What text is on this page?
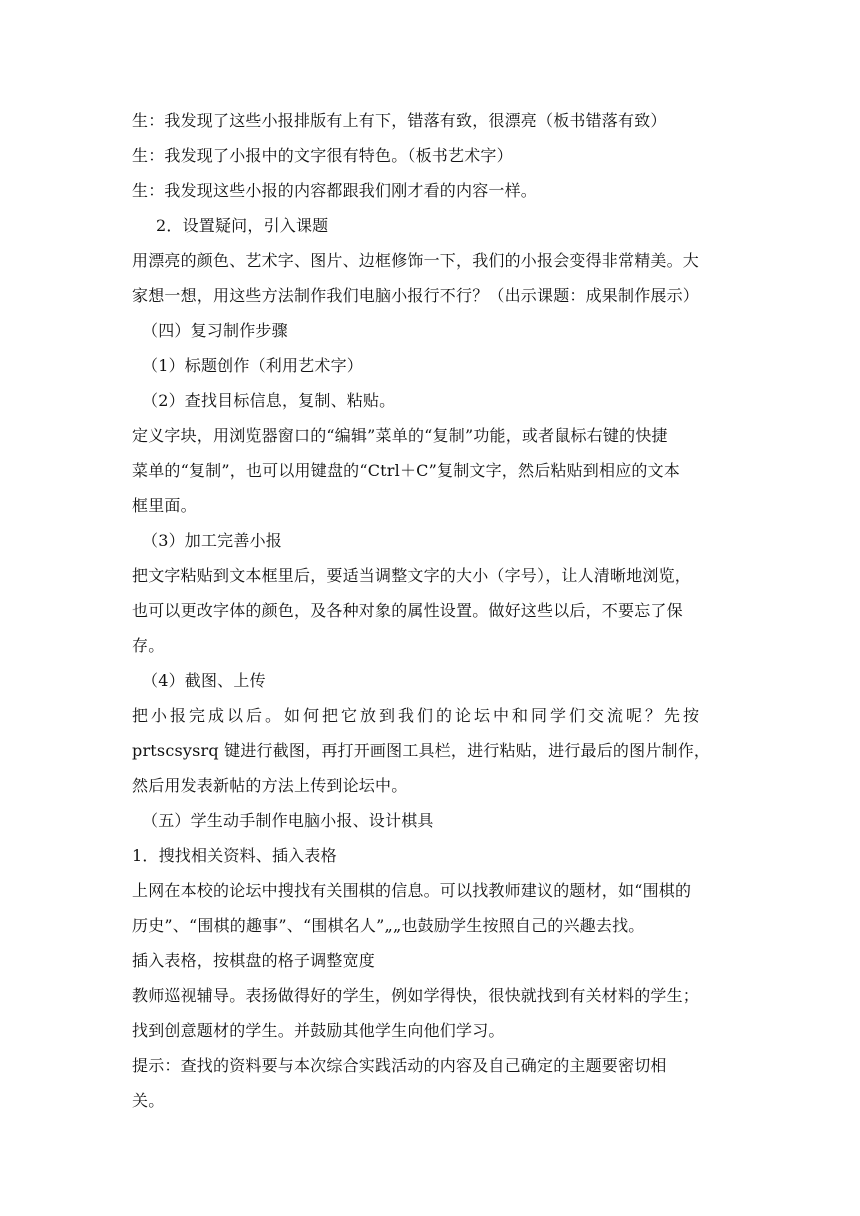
生：我发现了这些小报排版有上有下，错落有致，很漂亮（板书错落有致）
生：我发现了小报中的文字很有特色。（板书艺术字）
生：我发现这些小报的内容都跟我们刚才看的内容一样。
2．设置疑问，引入课题
用漂亮的颜色、艺术字、图片、边框修饰一下，我们的小报会变得非常精美。大
家想一想，用这些方法制作我们电脑小报行不行？（出示课题：成果制作展示）
（四）复习制作步骤
（1）标题创作（利用艺术字）
（2）查找目标信息，复制、粘贴。
定义字块，用浏览器窗口的“编辑”菜单的“复制”功能，或者鼠标右键的快捷
菜单的“复制”，也可以用键盘的“Ctrl＋C”复制文字，然后粘贴到相应的文本
框里面。
（3）加工完善小报
把文字粘贴到文本框里后，要适当调整文字的大小（字号），让人清晰地浏览，
也可以更改字体的颜色，及各种对象的属性设置。做好这些以后，不要忘了保
存。
（4）截图、上传
把小报完成以后。如何把它放到我们的论坛中和同学们交流呢？先按
prtscsysrq 键进行截图，再打开画图工具栏，进行粘贴，进行最后的图片制作，
然后用发表新帖的方法上传到论坛中。
（五）学生动手制作电脑小报、设计棋具
1．搜找相关资料、插入表格
上网在本校的论坛中搜找有关围棋的信息。可以找教师建议的题材，如“围棋的
历史”、“围棋的趣事”、“围棋名人”„„也鼓励学生按照自己的兴趣去找。
插入表格，按棋盘的格子调整宽度
教师巡视辅导。表扬做得好的学生，例如学得快，很快就找到有关材料的学生；
找到创意题材的学生。并鼓励其他学生向他们学习。
提示：查找的资料要与本次综合实践活动的内容及自己确定的主题要密切相
关。
